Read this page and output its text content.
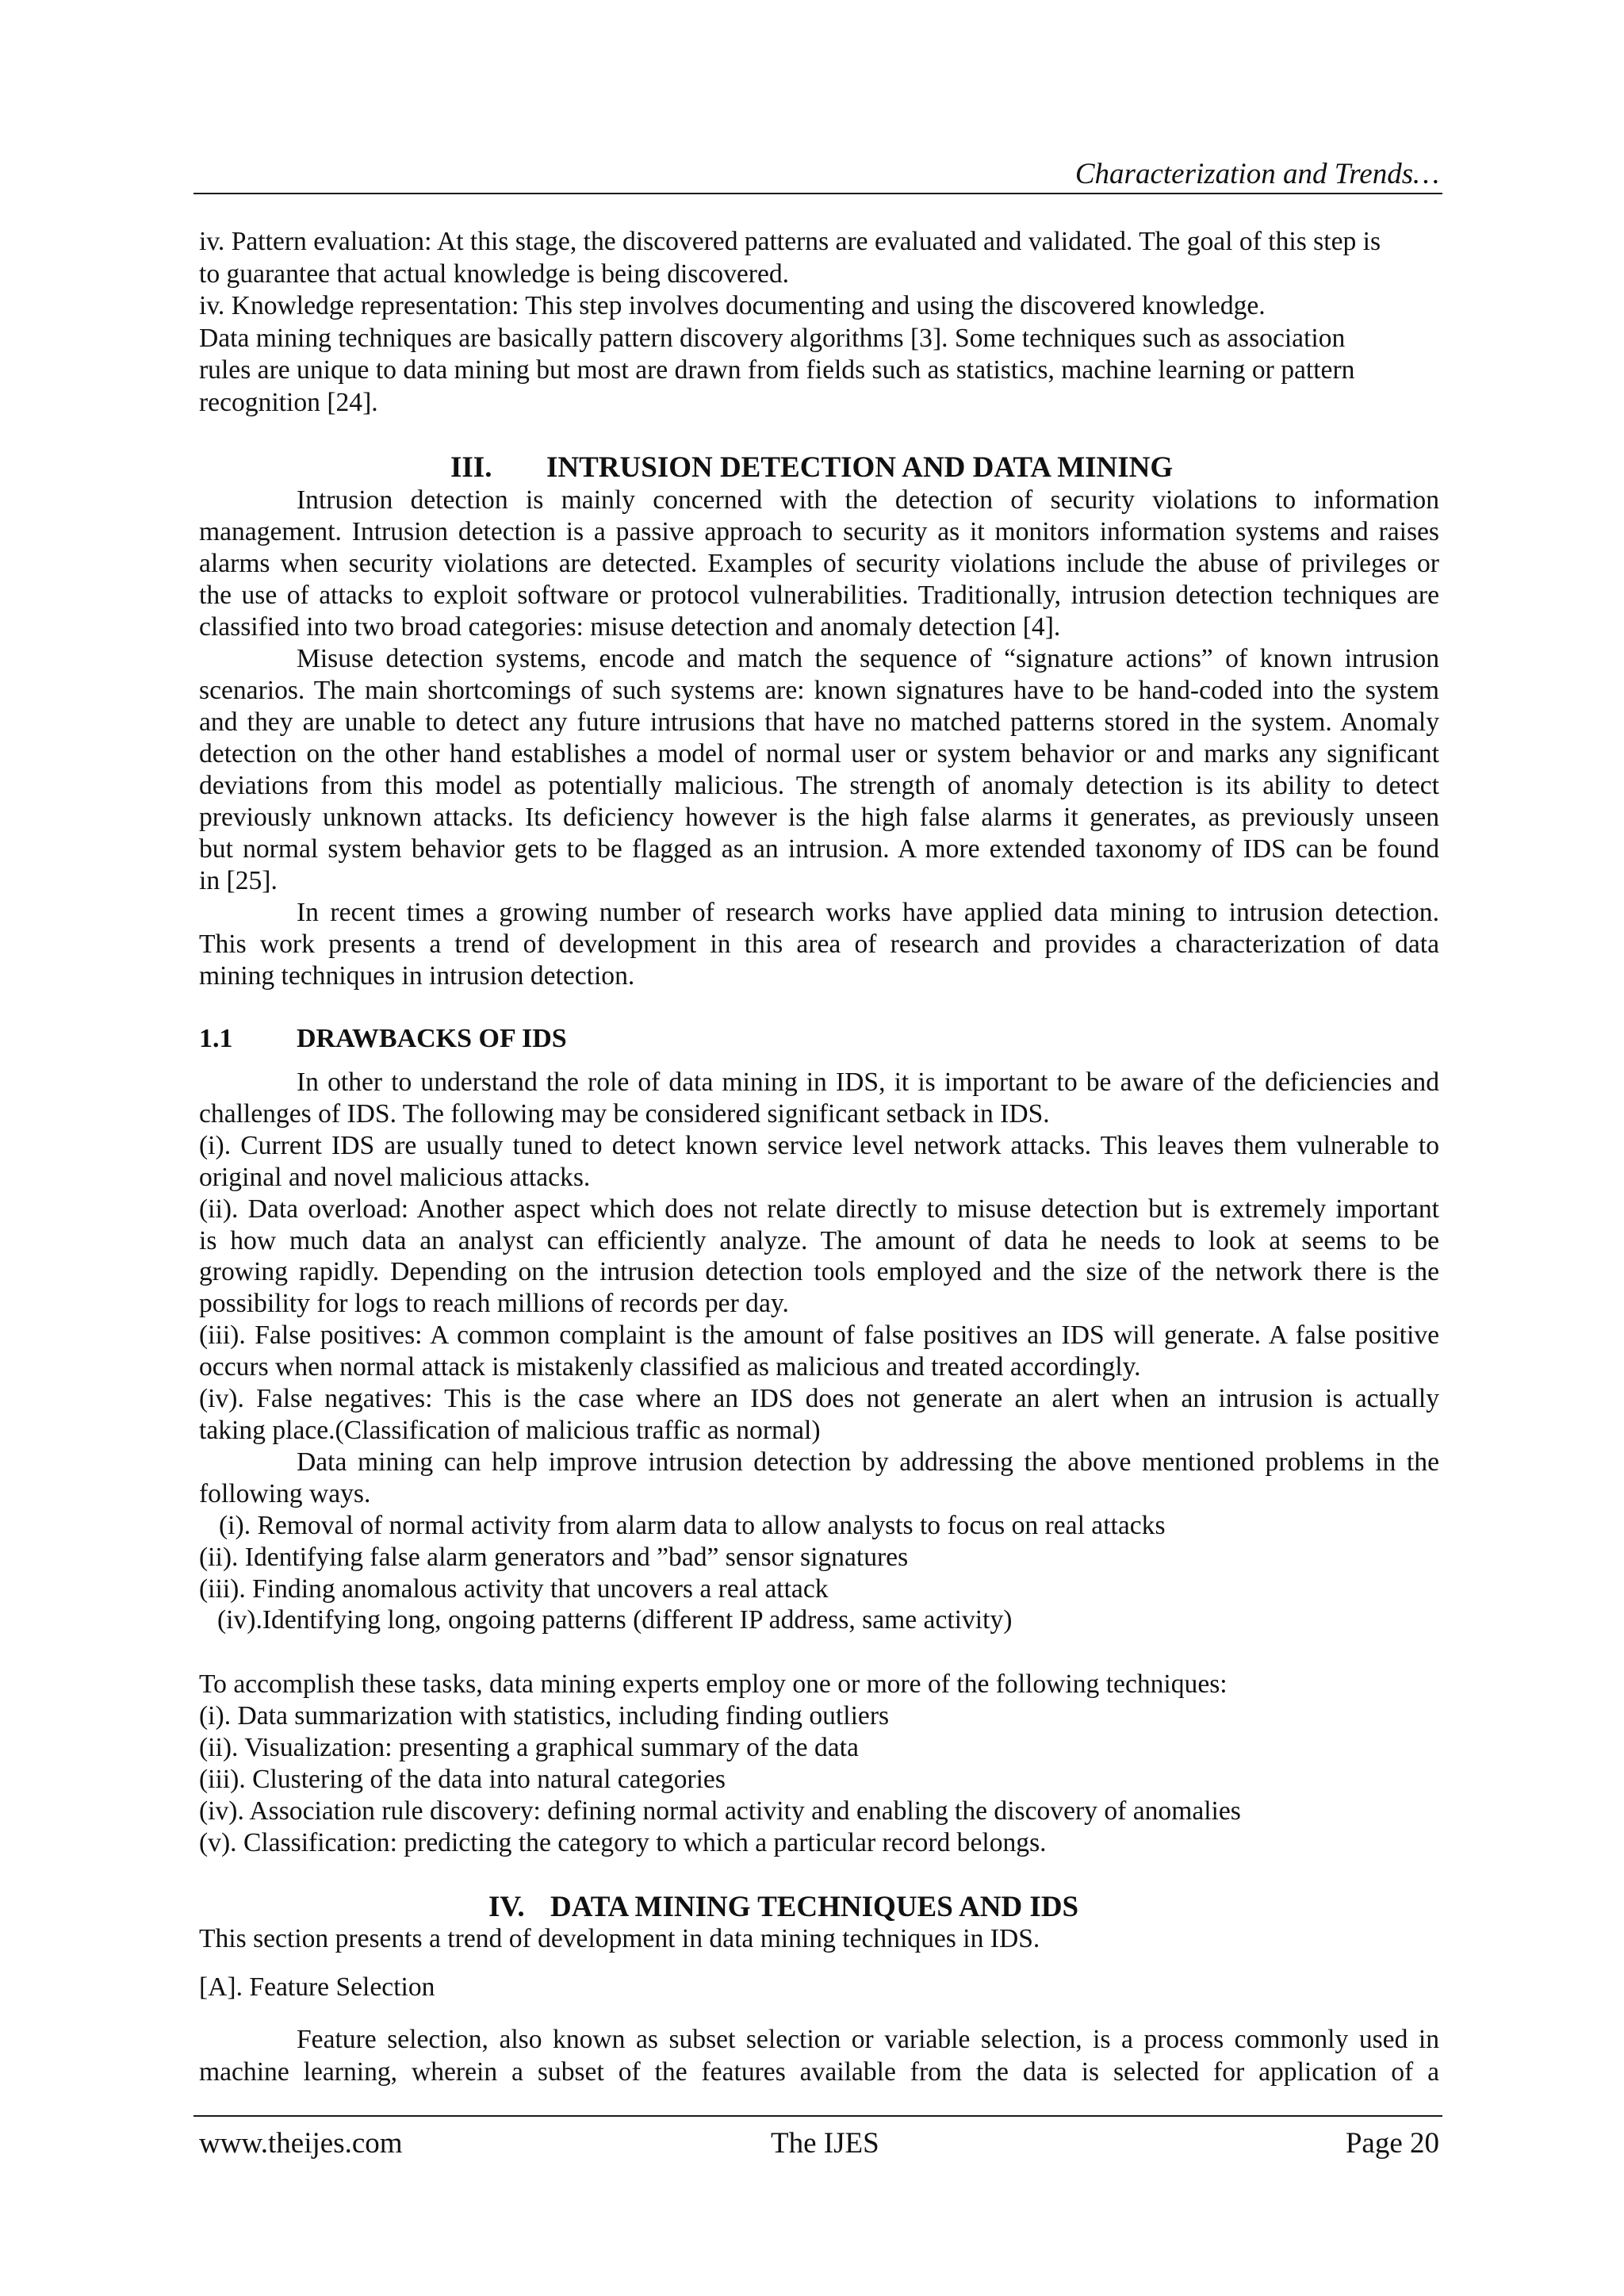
Characterization and Trends…
iv. Pattern evaluation: At this stage, the discovered patterns are evaluated and validated. The goal of this step is
to guarantee that actual knowledge is being discovered.
iv. Knowledge representation: This step involves documenting and using the discovered knowledge.
Data mining techniques are basically pattern discovery algorithms [3]. Some techniques such as association
rules are unique to data mining but most are drawn from fields such as statistics, machine learning or pattern
recognition [24].
III. INTRUSION DETECTION AND DATA MINING
Intrusion detection is mainly concerned with the detection of security violations to information
management. Intrusion detection is a passive approach to security as it monitors information systems and raises
alarms when security violations are detected. Examples of security violations include the abuse of privileges or
the use of attacks to exploit software or protocol vulnerabilities. Traditionally, intrusion detection techniques are
classified into two broad categories: misuse detection and anomaly detection [4].
Misuse detection systems, encode and match the sequence of “signature actions” of known intrusion
scenarios. The main shortcomings of such systems are: known signatures have to be hand-coded into the system
and they are unable to detect any future intrusions that have no matched patterns stored in the system. Anomaly
detection on the other hand establishes a model of normal user or system behavior or and marks any significant
deviations from this model as potentially malicious. The strength of anomaly detection is its ability to detect
previously unknown attacks. Its deficiency however is the high false alarms it generates, as previously unseen
but normal system behavior gets to be flagged as an intrusion. A more extended taxonomy of IDS can be found
in [25].
In recent times a growing number of research works have applied data mining to intrusion detection.
This work presents a trend of development in this area of research and provides a characterization of data
mining techniques in intrusion detection.
1.1 DRAWBACKS OF IDS
In other to understand the role of data mining in IDS, it is important to be aware of the deficiencies and
challenges of IDS. The following may be considered significant setback in IDS.
(i). Current IDS are usually tuned to detect known service level network attacks. This leaves them vulnerable to
original and novel malicious attacks.
(ii). Data overload: Another aspect which does not relate directly to misuse detection but is extremely important
is how much data an analyst can efficiently analyze. The amount of data he needs to look at seems to be
growing rapidly. Depending on the intrusion detection tools employed and the size of the network there is the
possibility for logs to reach millions of records per day.
(iii). False positives: A common complaint is the amount of false positives an IDS will generate. A false positive
occurs when normal attack is mistakenly classified as malicious and treated accordingly.
(iv). False negatives: This is the case where an IDS does not generate an alert when an intrusion is actually
taking place.(Classification of malicious traffic as normal)
Data mining can help improve intrusion detection by addressing the above mentioned problems in the
following ways.
(i). Removal of normal activity from alarm data to allow analysts to focus on real attacks
(ii). Identifying false alarm generators and ”bad” sensor signatures
(iii). Finding anomalous activity that uncovers a real attack
(iv).Identifying long, ongoing patterns (different IP address, same activity)
To accomplish these tasks, data mining experts employ one or more of the following techniques:
(i). Data summarization with statistics, including finding outliers
(ii). Visualization: presenting a graphical summary of the data
(iii). Clustering of the data into natural categories
(iv). Association rule discovery: defining normal activity and enabling the discovery of anomalies
(v). Classification: predicting the category to which a particular record belongs.
IV. DATA MINING TECHNIQUES AND IDS
This section presents a trend of development in data mining techniques in IDS.
[A]. Feature Selection
Feature selection, also known as subset selection or variable selection, is a process commonly used in
machine learning, wherein a subset of the features available from the data is selected for application of a
www.theijes.com	The IJES	Page 20
